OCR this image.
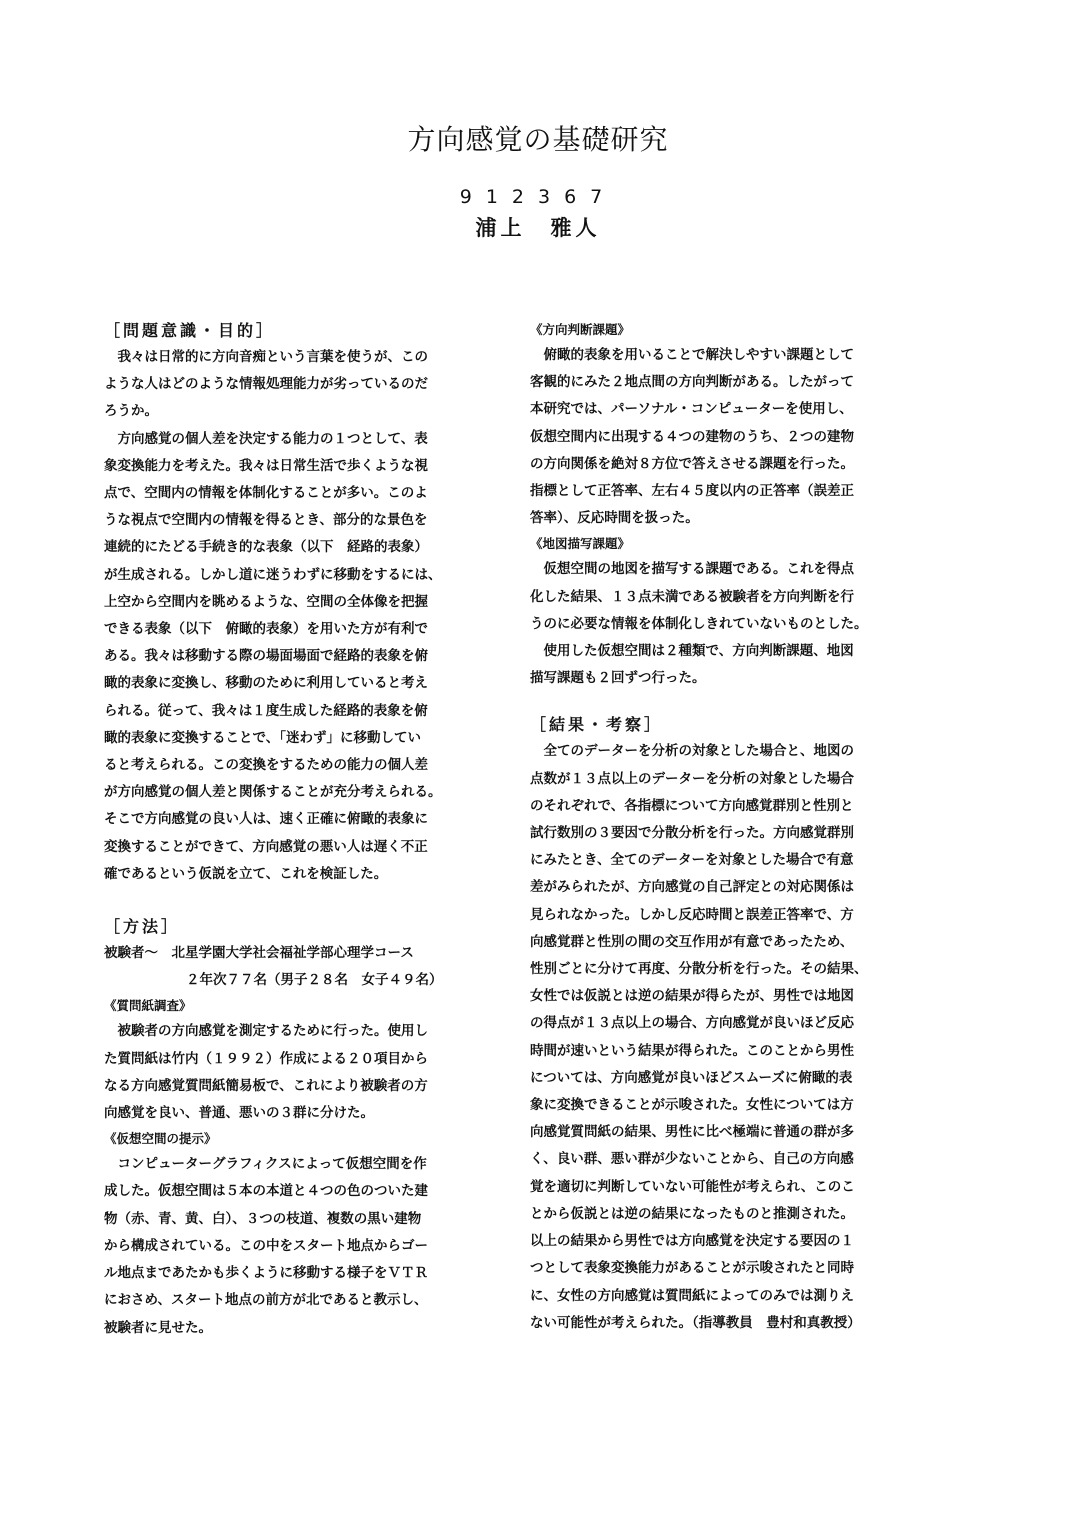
方向感覚の基礎研究
912367
浦上　雅人
［問題意識・目的］
　我々は日常的に方向音痴という言葉を使うが、この
ような人はどのような情報処理能力が劣っているのだ
ろうか。
　方向感覚の個人差を決定する能力の１つとして、表
象変換能力を考えた。我々は日常生活で歩くような視
点で、空間内の情報を体制化することが多い。このよ
うな視点で空間内の情報を得るとき、部分的な景色を
連続的にたどる手続き的な表象（以下　経路的表象）
が生成される。しかし道に迷うわずに移動をするには、
上空から空間内を眺めるような、空間の全体像を把握
できる表象（以下　俯瞰的表象）を用いた方が有利で
ある。我々は移動する際の場面場面で経路的表象を俯
瞰的表象に変換し、移動のために利用していると考え
られる。従って、我々は１度生成した経路的表象を俯
瞰的表象に変換することで、「迷わず」に移動してい
ると考えられる。この変換をするための能力の個人差
が方向感覚の個人差と関係することが充分考えられる。
そこで方向感覚の良い人は、速く正確に俯瞰的表象に
変換することができて、方向感覚の悪い人は遅く不正
確であるという仮説を立て、これを検証した。
［方法］
被験者～　北星学園大学社会福祉学部心理学コース
２年次７７名（男子２８名　女子４９名）
《質問紙調査》
　被験者の方向感覚を測定するために行った。使用し
た質問紙は竹内（１９９２）作成による２０項目から
なる方向感覚質問紙簡易板で、これにより被験者の方
向感覚を良い、普通、悪いの３群に分けた。
《仮想空間の提示》
　コンピューターグラフィクスによって仮想空間を作
成した。仮想空間は５本の本道と４つの色のついた建
物（赤、青、黄、白）、３つの枝道、複数の黒い建物
から構成されている。この中をスタート地点からゴー
ル地点まであたかも歩くように移動する様子をＶＴＲ
におさめ、スタート地点の前方が北であると教示し、
被験者に見せた。
《方向判断課題》
　俯瞰的表象を用いることで解決しやすい課題として
客観的にみた２地点間の方向判断がある。したがって
本研究では、パーソナル・コンピューターを使用し、
仮想空間内に出現する４つの建物のうち、２つの建物
の方向関係を絶対８方位で答えさせる課題を行った。
指標として正答率、左右４５度以内の正答率（誤差正
答率）、反応時間を扱った。
《地図描写課題》
　仮想空間の地図を描写する課題である。これを得点
化した結果、１３点未満である被験者を方向判断を行
うのに必要な情報を体制化しきれていないものとした。
　使用した仮想空間は２種類で、方向判断課題、地図
描写課題も２回ずつ行った。
［結果・考察］
　全てのデーターを分析の対象とした場合と、地図の
点数が１３点以上のデーターを分析の対象とした場合
のそれぞれで、各指標について方向感覚群別と性別と
試行数別の３要因で分散分析を行った。方向感覚群別
にみたとき、全てのデーターを対象とした場合で有意
差がみられたが、方向感覚の自己評定との対応関係は
見られなかった。しかし反応時間と誤差正答率で、方
向感覚群と性別の間の交互作用が有意であったため、
性別ごとに分けて再度、分散分析を行った。その結果、
女性では仮説とは逆の結果が得らたが、男性では地図
の得点が１３点以上の場合、方向感覚が良いほど反応
時間が速いという結果が得られた。このことから男性
については、方向感覚が良いほどスムーズに俯瞰的表
象に変換できることが示唆された。女性については方
向感覚質問紙の結果、男性に比べ極端に普通の群が多
く、良い群、悪い群が少ないことから、自己の方向感
覚を適切に判断していない可能性が考えられ、このこ
とから仮説とは逆の結果になったものと推測された。
以上の結果から男性では方向感覚を決定する要因の１
つとして表象変換能力があることが示唆されたと同時
に、女性の方向感覚は質問紙によってのみでは測りえ
ない可能性が考えられた。（指導教員　豊村和真教授）
